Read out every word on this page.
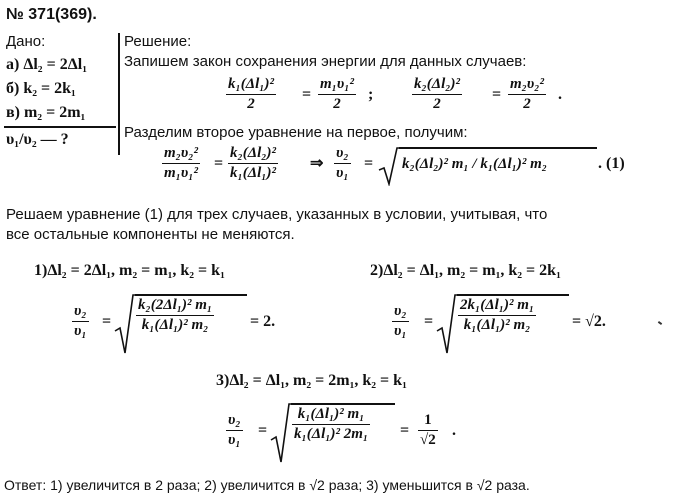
№ 371(369).
Дано:
а) Δl₂ = 2Δl₁
б) k₂ = 2k₁
в) m₂ = 2m₁
υ₁/υ₂ — ?
Решение:
Запишем закон сохранения энергии для данных случаев:
k₁(Δl₁)²
2
=
m₁υ₁²
2
;
k₂(Δl₂)²
2
=
m₂υ₂²
2
.
Разделим второе уравнение на первое, получим:
m₂υ₂²
m₁υ₁²
=
k₂(Δl₂)²
k₁(Δl₁)²
⇒
υ₂
υ₁
= k₂(Δl₂)² m₁ / k₁(Δl₁)² m₂	. (1)
Решаем уравнение (1) для трех случаев, указанных в условии, учитывая, что
все остальные компоненты не меняются.
1)Δl₂ = 2Δl₁, m₂ = m₁, k₂ = k₁
υ₂
υ₁
=
k₂(2Δl₁)² m₁
k₁(Δl₁)² m₂	= 2.
2)Δl₂ = Δl₁, m₂ = m₁, k₂ = 2k₁
υ₂
υ₁
=
2k₁(Δl₁)² m₁
k₁(Δl₁)² m₂	= √2.
3)Δl₂ = Δl₁, m₂ = 2m₁, k₂ = k₁
υ₂
υ₁
=
k₁(Δl₁)² m₁
k₁(Δl₁)² 2m₁ =
1
√2
.
Ответ: 1) увеличится в 2 раза; 2) увеличится в √2 раза; 3) уменьшится в √2 раза.
